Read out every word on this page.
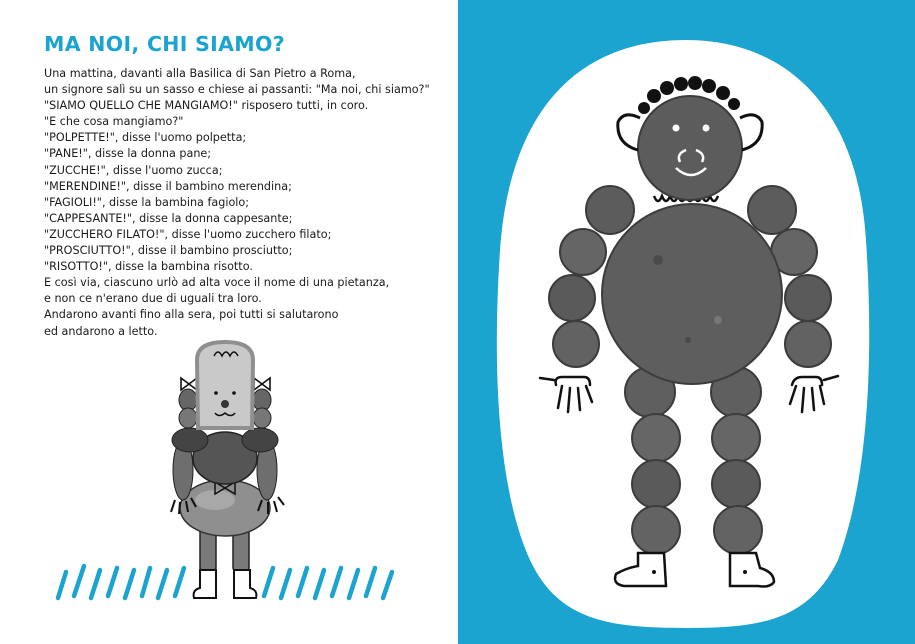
MA NOI, CHI SIAMO?
Una mattina, davanti alla Basilica di San Pietro a Roma,
un signore salì su un sasso e chiese ai passanti: "Ma noi, chi siamo?"
"SIAMO QUELLO CHE MANGIAMO!" risposero tutti, in coro.
"E che cosa mangiamo?"
"POLPETTE!", disse l'uomo polpetta;
"PANE!", disse la donna pane;
"ZUCCHE!", disse l'uomo zucca;
"MERENDINE!", disse il bambino merendina;
"FAGIOLI!", disse la bambina fagiolo;
"CAPPESANTE!", disse la donna cappesante;
"ZUCCHERO FILATO!", disse l'uomo zucchero filato;
"PROSCIUTTO!", disse il bambino prosciutto;
"RISOTTO!", disse la bambina risotto.
E così via, ciascuno urlò ad alta voce il nome di una pietanza,
e non ce n'erano due di uguali tra loro.
Andarono avanti fino alla sera, poi tutti si salutarono
ed andarono a letto.
